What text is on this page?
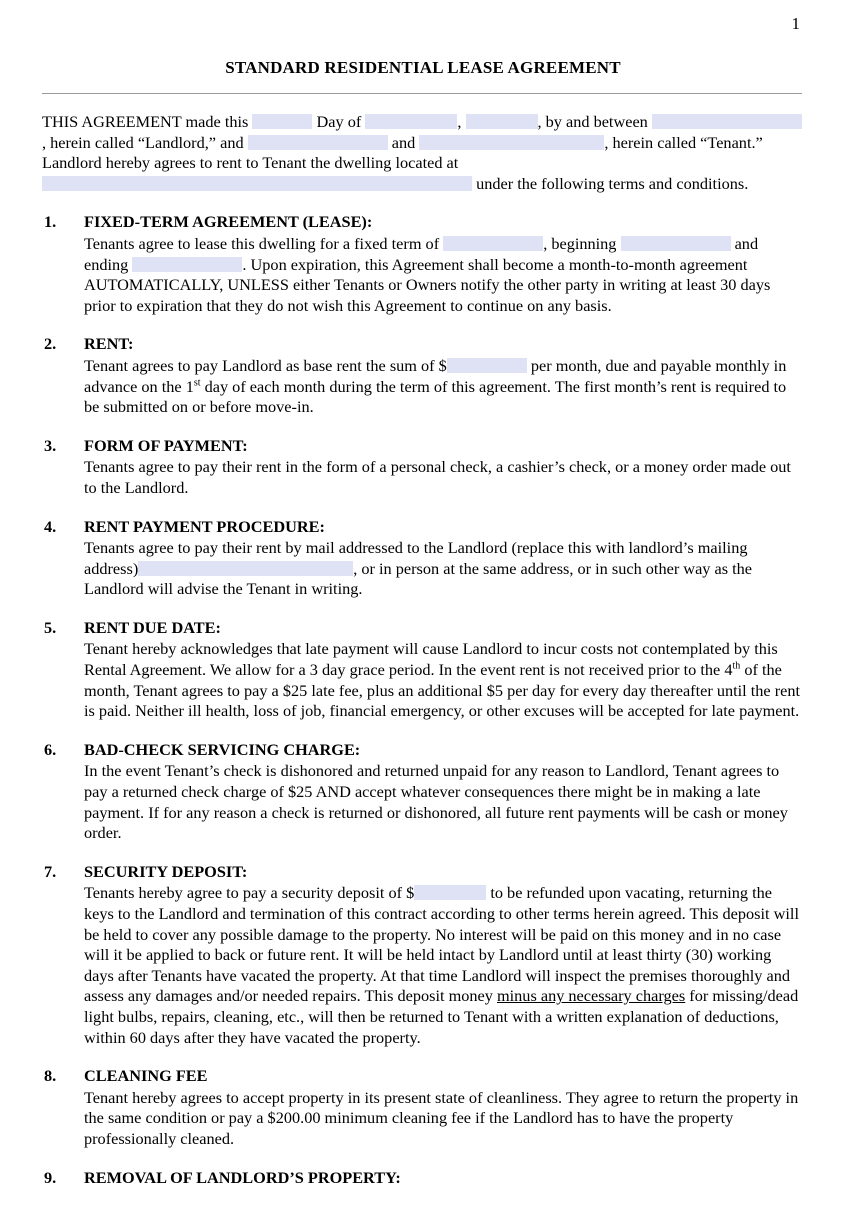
1
STANDARD RESIDENTIAL LEASE AGREEMENT

THIS AGREEMENT made this	Day of	,	, by and between , herein called “Landlord,” and	and	, herein called “Tenant.” Landlord hereby agrees to rent to Tenant the dwelling located at  under the following terms and conditions.

1. FIXED-TERM AGREEMENT (LEASE):

Tenants agree to lease this dwelling for a fixed term of	, beginning	and ending	. Upon expiration, this Agreement shall become a month-to-month agreement AUTOMATICALLY, UNLESS either Tenants or Owners notify the other party in writing at least 30 days prior to expiration that they do not wish this Agreement to continue on any basis.

2. RENT:

Tenant agrees to pay Landlord as base rent the sum of $	per month, due and payable monthly in advance on the 1st day of each month during the term of this agreement. The first month’s rent is required to be submitted on or before move-in.

3. FORM OF PAYMENT:

Tenants agree to pay their rent in the form of a personal check, a cashier’s check, or a money order made out to the Landlord.

4. RENT PAYMENT PROCEDURE:

Tenants agree to pay their rent by mail addressed to the Landlord (replace this with landlord’s mailing address)	, or in person at the same address, or in such other way as the Landlord will advise the Tenant in writing.

5. RENT DUE DATE:

Tenant hereby acknowledges that late payment will cause Landlord to incur costs not contemplated by this Rental Agreement. We allow for a 3 day grace period. In the event rent is not received prior to the 4th of the month, Tenant agrees to pay a $25 late fee, plus an additional $5 per day for every day thereafter until the rent is paid. Neither ill health, loss of job, financial emergency, or other excuses will be accepted for late payment.

6. BAD-CHECK SERVICING CHARGE:

In the event Tenant’s check is dishonored and returned unpaid for any reason to Landlord, Tenant agrees to pay a returned check charge of $25 AND accept whatever consequences there might be in making a late payment. If for any reason a check is returned or dishonored, all future rent payments will be cash or money order.

7. SECURITY DEPOSIT:

Tenants hereby agree to pay a security deposit of $	to be refunded upon vacating, returning the keys to the Landlord and termination of this contract according to other terms herein agreed. This deposit will be held to cover any possible damage to the property. No interest will be paid on this money and in no case will it be applied to back or future rent. It will be held intact by Landlord until at least thirty (30) working days after Tenants have vacated the property. At that time Landlord will inspect the premises thoroughly and assess any damages and/or needed repairs. This deposit money minus any necessary charges for missing/dead light bulbs, repairs, cleaning, etc., will then be returned to Tenant with a written explanation of deductions, within 60 days after they have vacated the property.

8. CLEANING FEE

Tenant hereby agrees to accept property in its present state of cleanliness. They agree to return the property in the same condition or pay a $200.00 minimum cleaning fee if the Landlord has to have the property professionally cleaned.

9. REMOVAL OF LANDLORD’S PROPERTY:
